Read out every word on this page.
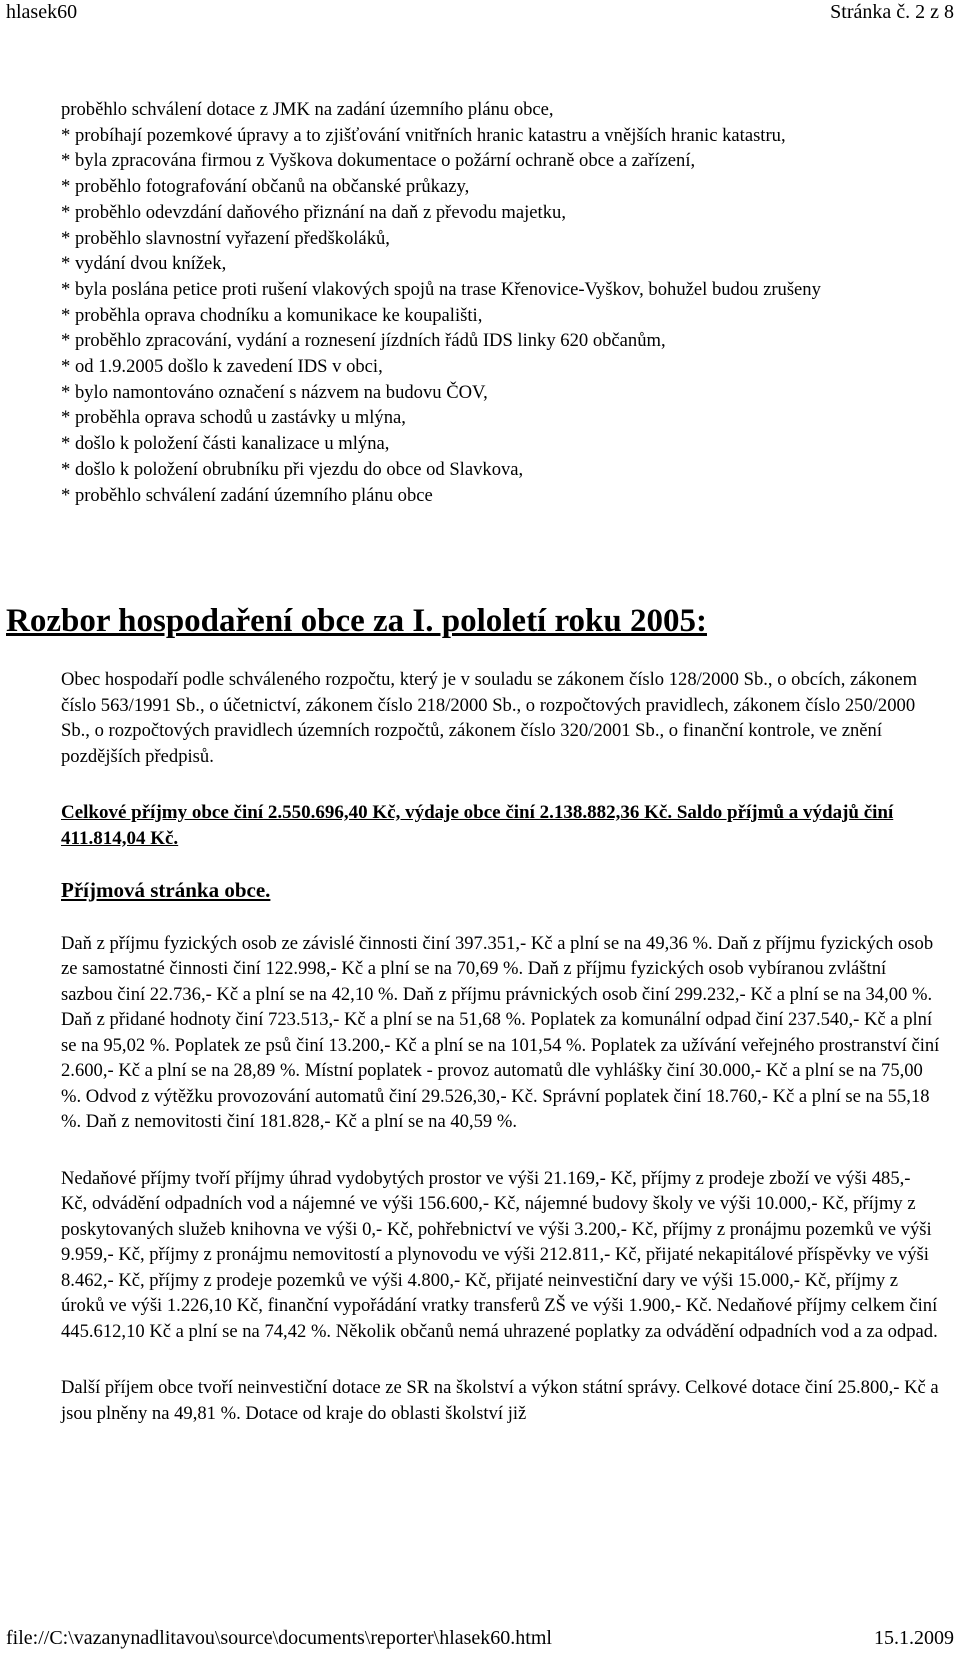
hlasek60	Stránka č. 2 z 8
proběhlo schválení dotace z JMK na zadání územního plánu obce,
* probíhají pozemkové úpravy a to zjišťování vnitřních hranic katastru a vnějších hranic katastru,
* byla zpracována firmou z Vyškova dokumentace o požární ochraně obce a zařízení,
* proběhlo fotografování občanů na občanské průkazy,
* proběhlo odevzdání daňového přiznání na daň z převodu majetku,
* proběhlo slavnostní vyřazení předškoláků,
* vydání dvou knížek,
* byla poslána petice proti rušení vlakových spojů na trase Křenovice-Vyškov, bohužel budou zrušeny
* proběhla oprava chodníku a komunikace ke koupališti,
* proběhlo zpracování, vydání a roznesení jízdních řádů IDS linky 620 občanům,
* od 1.9.2005 došlo k zavedení IDS v obci,
* bylo namontováno označení s názvem na budovu ČOV,
* proběhla oprava schodů u zastávky u mlýna,
* došlo k položení části kanalizace u mlýna,
* došlo k položení obrubníku při vjezdu do obce od Slavkova,
* proběhlo schválení zadání územního plánu obce
Rozbor hospodaření obce za I. pololetí roku 2005:

Obec hospodaří podle schváleného rozpočtu, který je v souladu se zákonem číslo 128/2000 Sb., o obcích, zákonem číslo 563/1991 Sb., o účetnictví, zákonem číslo 218/2000 Sb., o rozpočtových pravidlech, zákonem číslo 250/2000 Sb., o rozpočtových pravidlech územních rozpočtů, zákonem číslo 320/2001 Sb., o finanční kontrole, ve znění pozdějších předpisů.

Celkové příjmy obce činí 2.550.696,40 Kč, výdaje obce činí 2.138.882,36 Kč. Saldo příjmů a výdajů činí 411.814,04 Kč.

Příjmová stránka obce.

Daň z příjmu fyzických osob ze závislé činnosti činí 397.351,- Kč a plní se na 49,36 %. Daň z příjmu fyzických osob ze samostatné činnosti činí 122.998,- Kč a plní se na 70,69 %. Daň z příjmu fyzických osob vybíranou zvláštní sazbou činí 22.736,- Kč a plní se na 42,10 %. Daň z příjmu právnických osob činí 299.232,- Kč a plní se na 34,00 %. Daň z přidané hodnoty činí 723.513,- Kč a plní se na 51,68 %. Poplatek za komunální odpad činí 237.540,- Kč a plní se na 95,02 %. Poplatek ze psů činí 13.200,- Kč a plní se na 101,54 %. Poplatek za užívání veřejného prostranství činí 2.600,- Kč a plní se na 28,89 %. Místní poplatek - provoz automatů dle vyhlášky činí 30.000,- Kč a plní se na 75,00 %. Odvod z výtěžku provozování automatů činí 29.526,30,- Kč. Správní poplatek činí 18.760,- Kč a plní se na 55,18 %. Daň z nemovitosti činí 181.828,- Kč a plní se na 40,59 %.

Nedaňové příjmy tvoří příjmy úhrad vydobytých prostor ve výši 21.169,- Kč, příjmy z prodeje zboží ve výši 485,- Kč, odvádění odpadních vod a nájemné ve výši 156.600,- Kč, nájemné budovy školy ve výši 10.000,- Kč, příjmy z poskytovaných služeb knihovna ve výši 0,- Kč, pohřebnictví ve výši 3.200,- Kč, příjmy z pronájmu pozemků ve výši 9.959,- Kč, příjmy z pronájmu nemovitostí a plynovodu ve výši 212.811,- Kč, přijaté nekapitálové příspěvky ve výši 8.462,- Kč, příjmy z prodeje pozemků ve výši 4.800,- Kč, přijaté neinvestiční dary ve výši 15.000,- Kč, příjmy z úroků ve výši 1.226,10 Kč, finanční vypořádání vratky transferů ZŠ ve výši 1.900,- Kč. Nedaňové příjmy celkem činí 445.612,10 Kč a plní se na 74,42 %. Několik občanů nemá uhrazené poplatky za odvádění odpadních vod a za odpad.

Další příjem obce tvoří neinvestiční dotace ze SR na školství a výkon státní správy. Celkové dotace činí 25.800,- Kč a jsou plněny na 49,81 %. Dotace od kraje do oblasti školství již

file://C:\vazanynadlitavou\source\documents\reporter\hlasek60.html	15.1.2009
